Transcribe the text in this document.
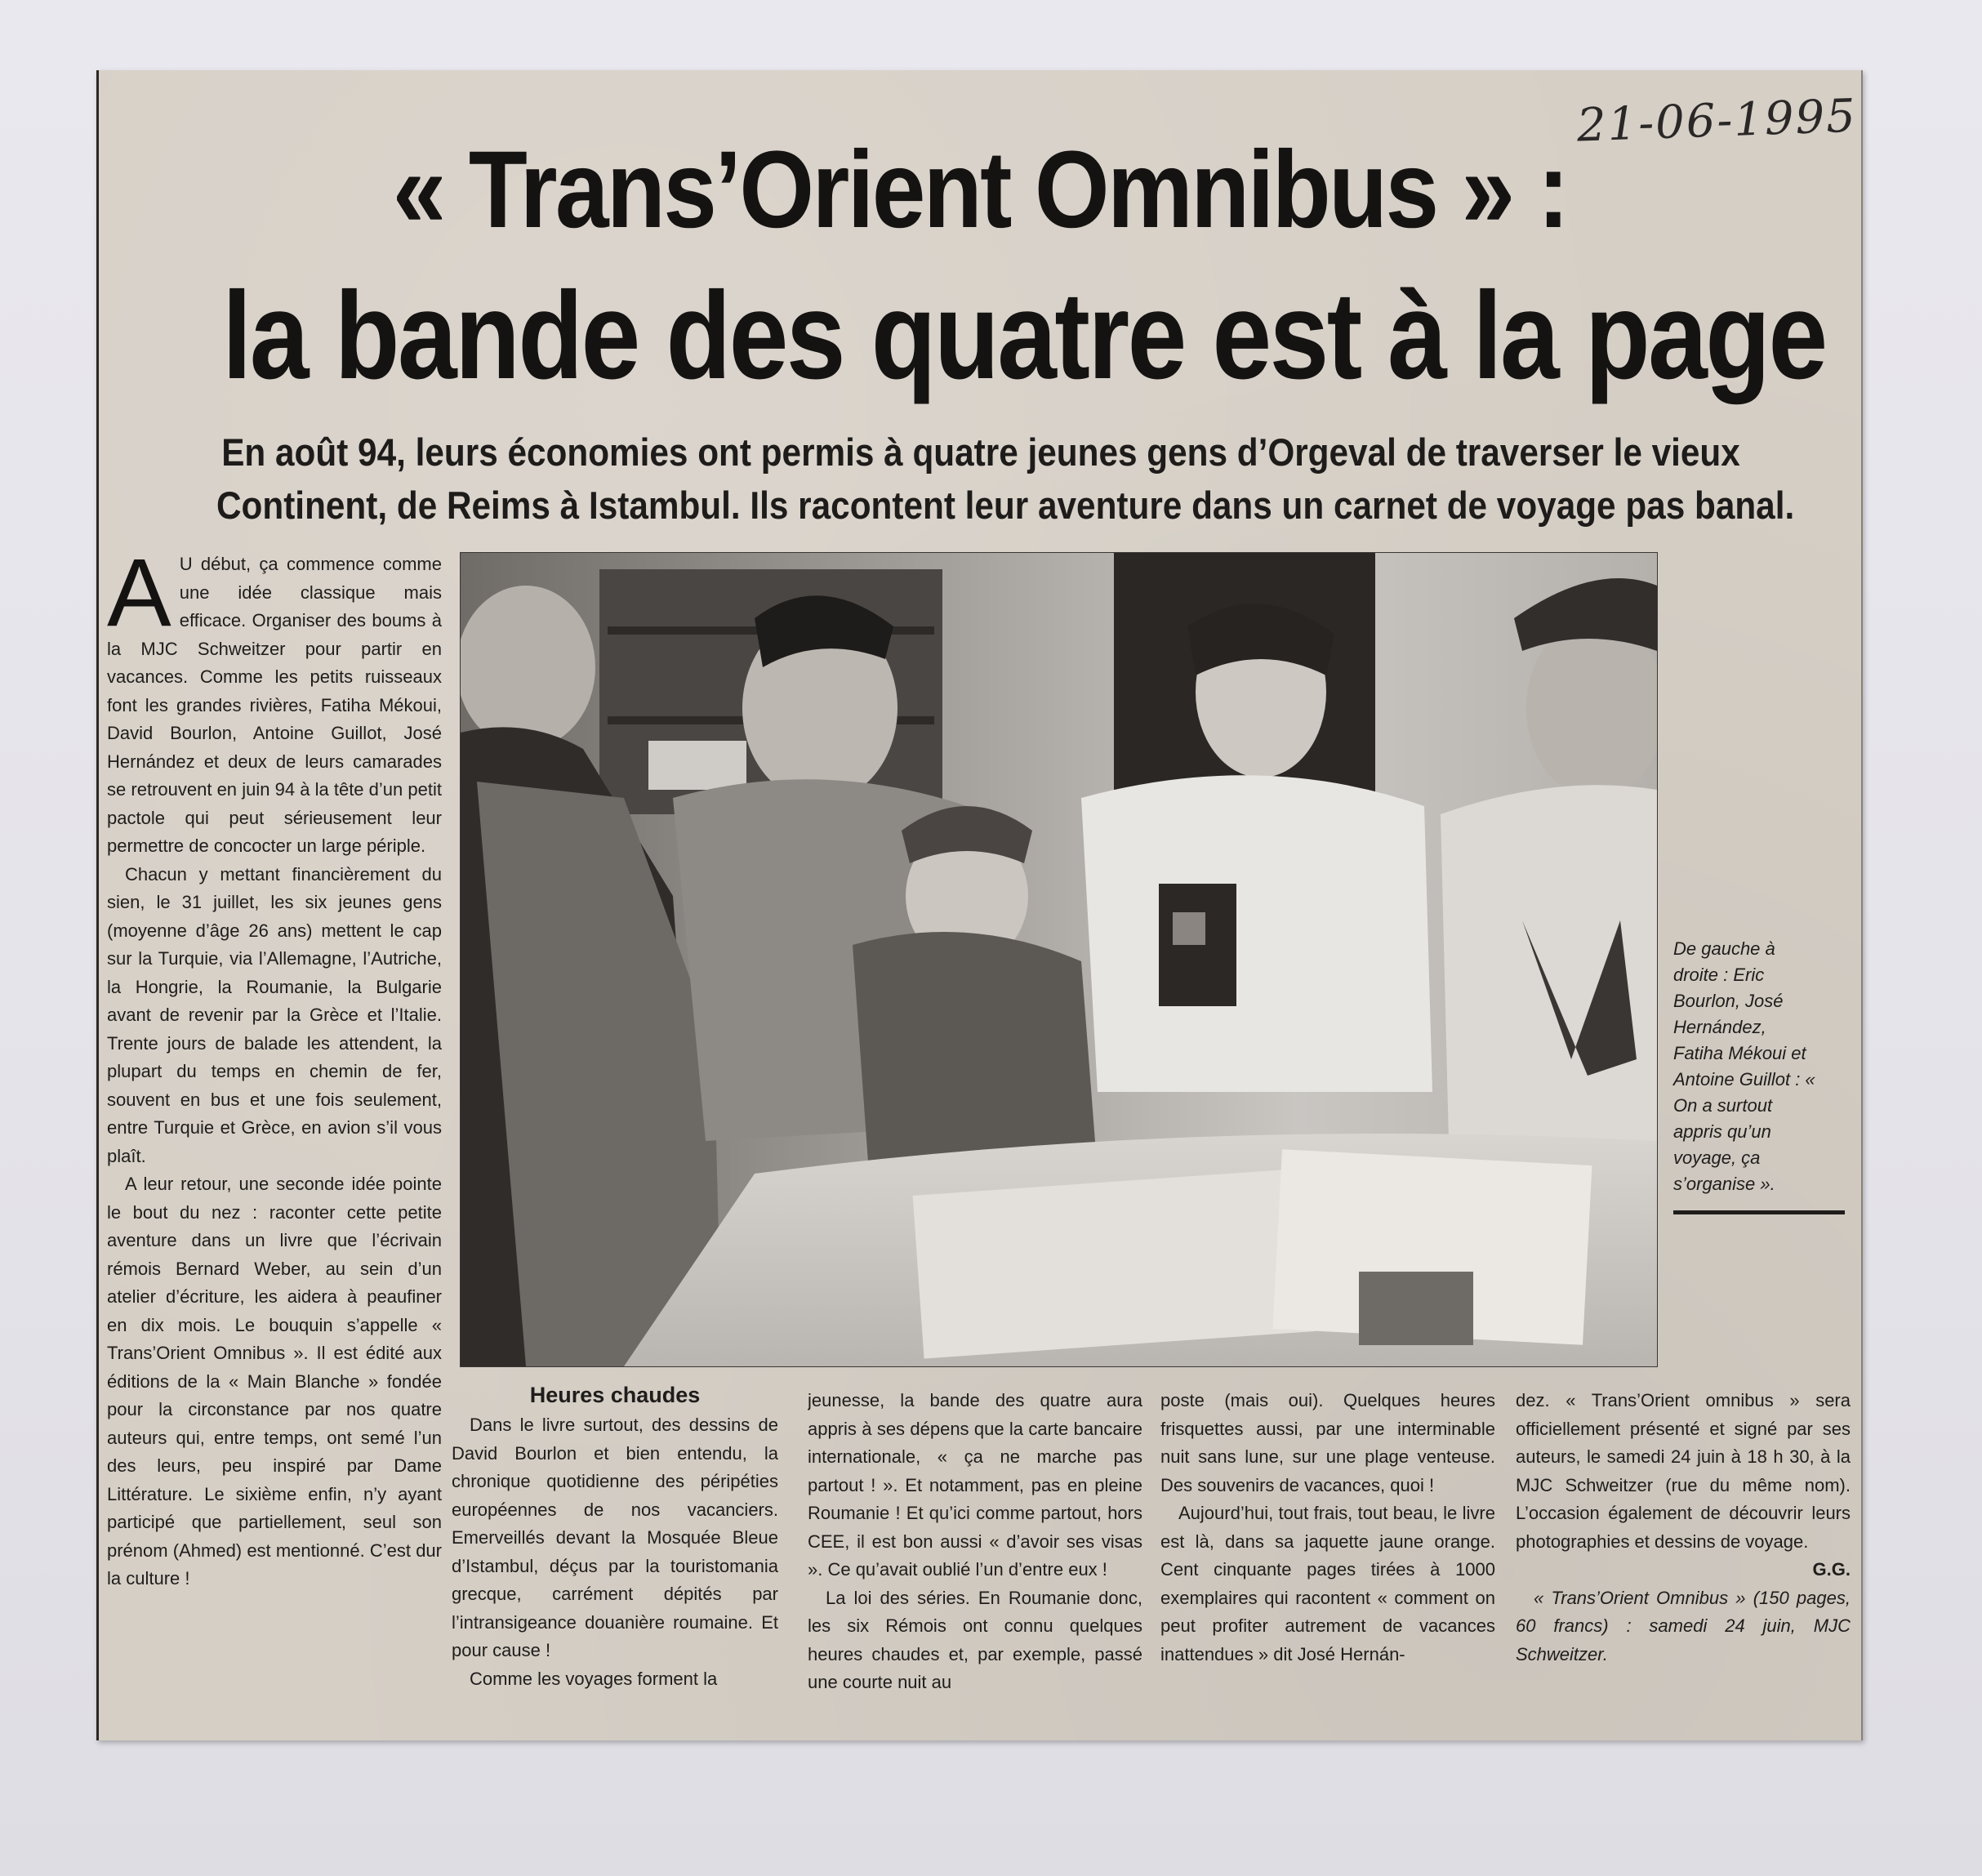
21-06-1995
« Trans’Orient Omnibus » :
la bande des quatre est à la page
En août 94, leurs économies ont permis à quatre jeunes gens d’Orgeval de traverser le vieux
Continent, de Reims à Istambul. Ils racontent leur aventure dans un carnet de voyage pas banal.

A U début, ça commence comme une idée classique mais efficace. Organiser des boums à la MJC Schweitzer pour partir en vacances. Comme les petits ruisseaux font les grandes rivières, Fatiha Mékoui, David Bourlon, Antoine Guillot, José Hernández et deux de leurs camarades se retrouvent en juin 94 à la tête d’un petit pactole qui peut sérieusement leur permettre de concocter un large périple.

Chacun y mettant financièrement du sien, le 31 juillet, les six jeunes gens (moyenne d’âge 26 ans) mettent le cap sur la Turquie, via l’Allemagne, l’Autriche, la Hongrie, la Roumanie, la Bulgarie avant de revenir par la Grèce et l’Italie. Trente jours de balade les attendent, la plupart du temps en chemin de fer, souvent en bus et une fois seulement, entre Turquie et Grèce, en avion s’il vous plaît.

A leur retour, une seconde idée pointe le bout du nez : raconter cette petite aventure dans un livre que l’écrivain rémois Bernard Weber, au sein d’un atelier d’écriture, les aidera à peaufiner en dix mois. Le bouquin s’appelle « Trans’Orient Omnibus ». Il est édité aux éditions de la « Main Blanche » fondée pour la circonstance par nos quatre auteurs qui, entre temps, ont semé l’un des leurs, peu inspiré par Dame Littérature. Le sixième enfin, n’y ayant participé que partiellement, seul son prénom (Ahmed) est mentionné. C’est dur la culture !

De gauche à droite : Eric Bourlon, José Hernández, Fatiha Mékoui et Antoine Guillot : « On a surtout appris qu’un voyage, ça s’organise ».

Heures chaudes

Dans le livre surtout, des dessins de David Bourlon et bien entendu, la chronique quotidienne des péripéties européennes de nos vacanciers. Emerveillés devant la Mosquée Bleue d’Istambul, déçus par la touristomania grecque, carrément dépités par l’intransigeance douanière roumaine. Et pour cause !

Comme les voyages forment la

jeunesse, la bande des quatre aura appris à ses dépens que la carte bancaire internationale, « ça ne marche pas partout ! ». Et notamment, pas en pleine Roumanie ! Et qu’ici comme partout, hors CEE, il est bon aussi « d’avoir ses visas ». Ce qu’avait oublié l’un d’entre eux !

La loi des séries. En Roumanie donc, les six Rémois ont connu quelques heures chaudes et, par exemple, passé une courte nuit au

poste (mais oui). Quelques heures frisquettes aussi, par une interminable nuit sans lune, sur une plage venteuse. Des souvenirs de vacances, quoi !

Aujourd’hui, tout frais, tout beau, le livre est là, dans sa jaquette jaune orange. Cent cinquante pages tirées à 1000 exemplaires qui racontent « comment on peut profiter autrement de vacances inattendues » dit José Hernán-

dez. « Trans’Orient omnibus » sera officiellement présenté et signé par ses auteurs, le samedi 24 juin à 18 h 30, à la MJC Schweitzer (rue du même nom). L’occasion également de découvrir leurs photographies et dessins de voyage.

G.G.

« Trans’Orient Omnibus » (150 pages, 60 francs) : samedi 24 juin, MJC Schweitzer.
